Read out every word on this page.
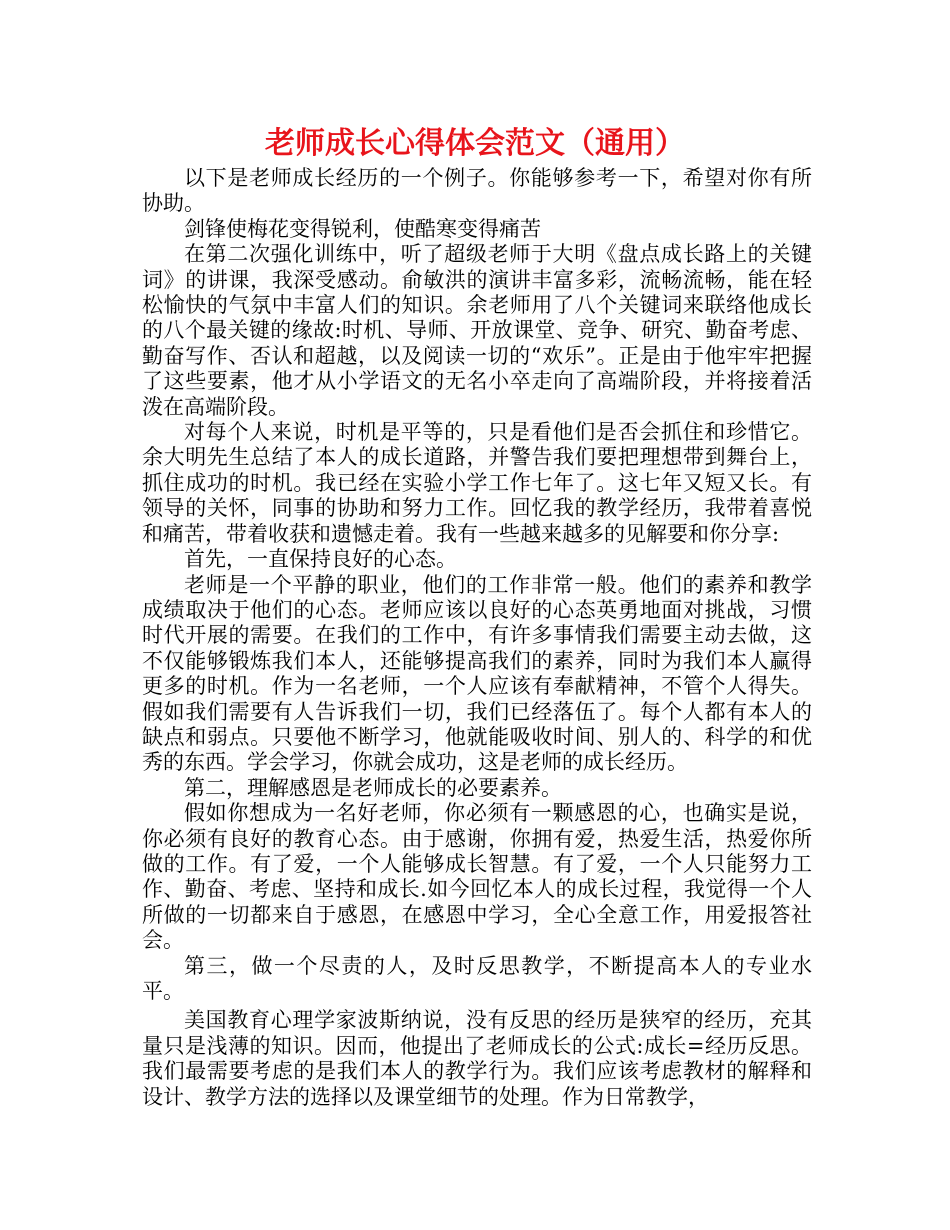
老师成长心得体会范文（通用）

以下是老师成长经历的一个例子。你能够参考一下，希望对你有所协助。

剑锋使梅花变得锐利，使酷寒变得痛苦

在第二次强化训练中，听了超级老师于大明《盘点成长路上的关键词》的讲课，我深受感动。俞敏洪的演讲丰富多彩，流畅流畅，能在轻松愉快的气氛中丰富人们的知识。余老师用了八个关键词来联络他成长的八个最关键的缘故:时机、导师、开放课堂、竞争、研究、勤奋考虑、勤奋写作、否认和超越，以及阅读一切的“欢乐”。正是由于他牢牢把握了这些要素，他才从小学语文的无名小卒走向了高端阶段，并将接着活泼在高端阶段。

对每个人来说，时机是平等的，只是看他们是否会抓住和珍惜它。余大明先生总结了本人的成长道路，并警告我们要把理想带到舞台上，抓住成功的时机。我已经在实验小学工作七年了。这七年又短又长。有领导的关怀，同事的协助和努力工作。回忆我的教学经历，我带着喜悦和痛苦，带着收获和遗憾走着。我有一些越来越多的见解要和你分享:

首先，一直保持良好的心态。

老师是一个平静的职业，他们的工作非常一般。他们的素养和教学成绩取决于他们的心态。老师应该以良好的心态英勇地面对挑战，习惯时代开展的需要。在我们的工作中，有许多事情我们需要主动去做，这不仅能够锻炼我们本人，还能够提高我们的素养，同时为我们本人赢得更多的时机。作为一名老师，一个人应该有奉献精神，不管个人得失。假如我们需要有人告诉我们一切，我们已经落伍了。每个人都有本人的缺点和弱点。只要他不断学习，他就能吸收时间、别人的、科学的和优秀的东西。学会学习，你就会成功，这是老师的成长经历。

第二，理解感恩是老师成长的必要素养。

假如你想成为一名好老师，你必须有一颗感恩的心，也确实是说，你必须有良好的教育心态。由于感谢，你拥有爱，热爱生活，热爱你所做的工作。有了爱，一个人能够成长智慧。有了爱，一个人只能努力工作、勤奋、考虑、坚持和成长.如今回忆本人的成长过程，我觉得一个人所做的一切都来自于感恩，在感恩中学习，全心全意工作，用爱报答社会。

第三，做一个尽责的人，及时反思教学，不断提高本人的专业水平。

美国教育心理学家波斯纳说，没有反思的经历是狭窄的经历，充其量只是浅薄的知识。因而，他提出了老师成长的公式:成长=经历反思。我们最需要考虑的是我们本人的教学行为。我们应该考虑教材的解释和设计、教学方法的选择以及课堂细节的处理。作为日常教学，
